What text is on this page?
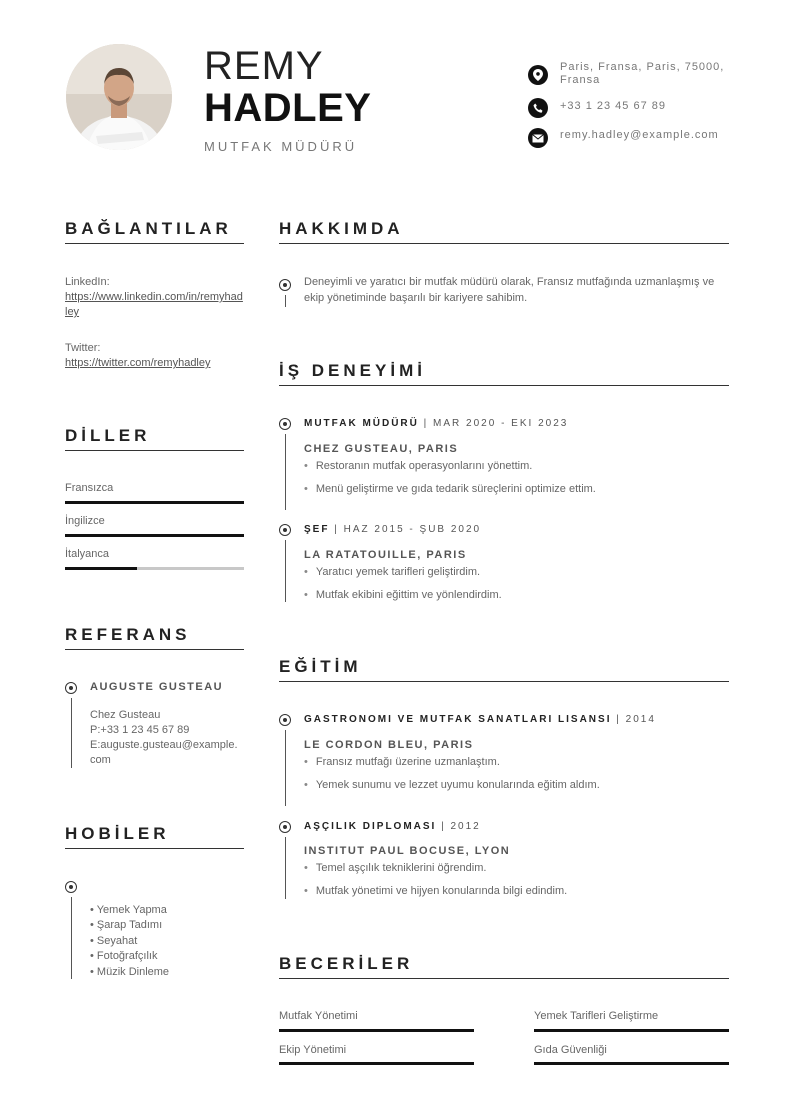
REMY
HADLEY
MUTFAK MÜDÜRÜ
Paris, Fransa, Paris, 75000, Fransa
+33 1 23 45 67 89
remy.hadley@example.com
BAĞLANTILAR
LinkedIn:
https://www.linkedin.com/in/remyhadley
Twitter:
https://twitter.com/remyhadley
DİLLER
Fransızca
İngilizce
İtalyanca
REFERANS
AUGUSTE GUSTEAU
Chez Gusteau
P:+33 1 23 45 67 89
E:auguste.gusteau@example.com
HOBİLER
• Yemek Yapma
• Şarap Tadımı
• Seyahat
• Fotoğrafçılık
• Müzik Dinleme
HAKKIMDA
Deneyimli ve yaratıcı bir mutfak müdürü olarak, Fransız mutfağında uzmanlaşmış ve ekip yönetiminde başarılı bir kariyere sahibim.
İŞ DENEYİMİ
MUTFAK MÜDÜRÜ | MAR 2020 - EKI 2023
CHEZ GUSTEAU, PARIS
• Restoranın mutfak operasyonlarını yönettim.
• Menü geliştirme ve gıda tedarik süreçlerini optimize ettim.
ŞEF | HAZ 2015 - ŞUB 2020
LA RATATOUILLE, PARIS
• Yaratıcı yemek tarifleri geliştirdim.
• Mutfak ekibini eğittim ve yönlendirdim.
EĞİTİM
GASTRONOMI VE MUTFAK SANATLARI LISANSI | 2014
LE CORDON BLEU, PARIS
• Fransız mutfağı üzerine uzmanlaştım.
• Yemek sunumu ve lezzet uyumu konularında eğitim aldım.
AŞÇILIK DIPLOMASI | 2012
INSTITUT PAUL BOCUSE, LYON
• Temel aşçılık tekniklerini öğrendim.
• Mutfak yönetimi ve hijyen konularında bilgi edindim.
BECERİLER
Mutfak Yönetimi	Yemek Tarifleri Geliştirme
Ekip Yönetimi	Gıda Güvenliği
